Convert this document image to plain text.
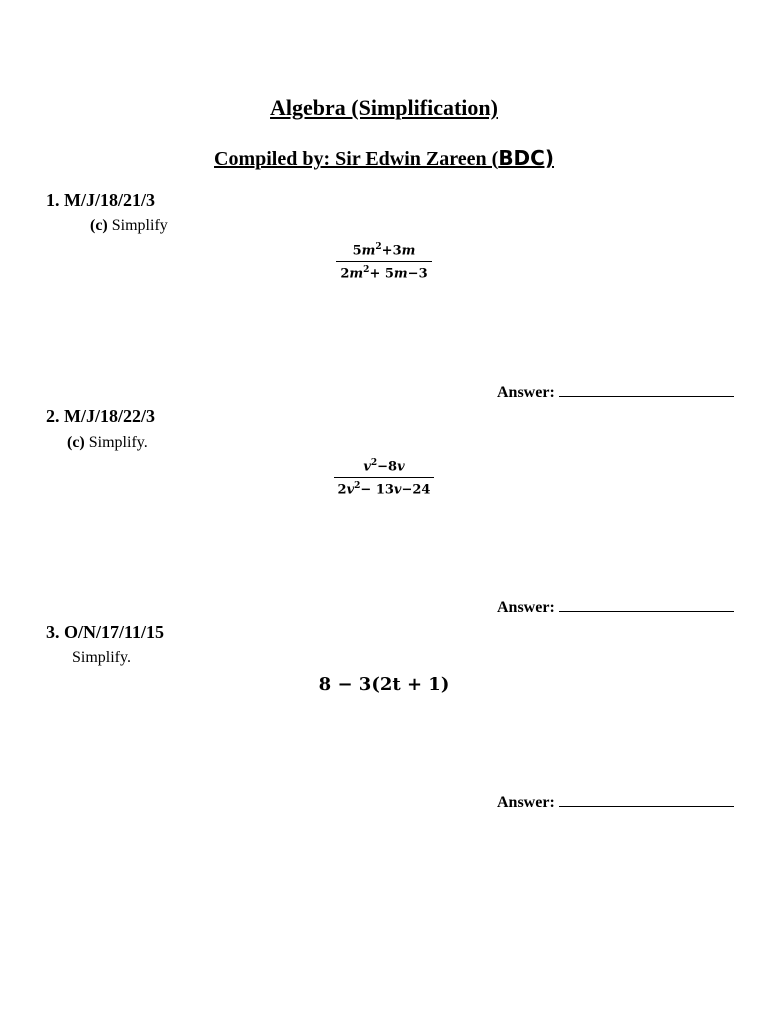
Algebra (Simplification)
Compiled by: Sir Edwin Zareen (BDC)
1. M/J/18/21/3
(c) Simplify
$\frac{5m^2+3m}{2m^2+ 5m-3}$
Answer:
2. M/J/18/22/3
(c) Simplify.
$\frac{v^2-8v}{2v^2- 13v-24}$
Answer:
3. O/N/17/11/15
Simplify.
8 − 3(2t + 1)
Answer:
